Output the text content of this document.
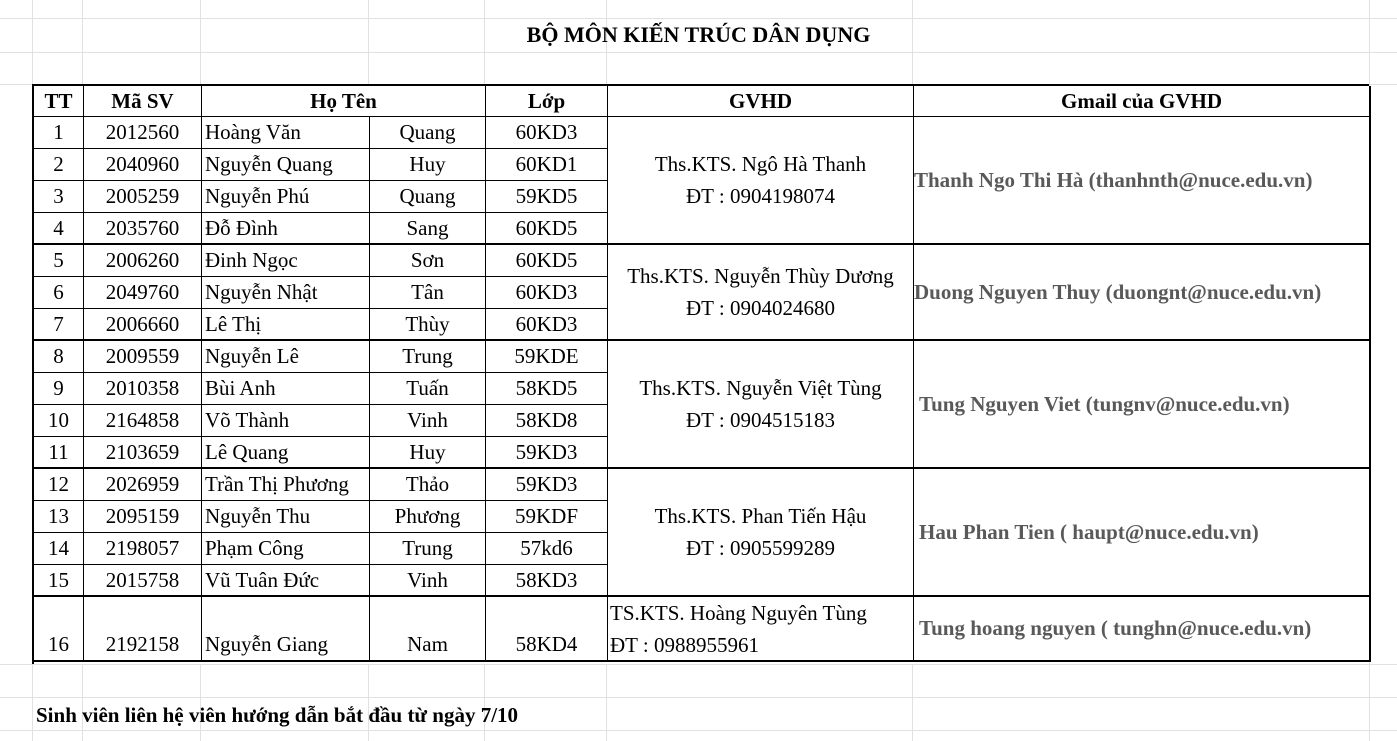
BỘ MÔN KIẾN TRÚC DÂN DỤNG
TT	Mã SV	Họ Tên	Lớp	GVHD	Gmail của GVHD
1	2012560	Hoàng Văn	Quang	60KD3
2	2040960	Nguyễn Quang	Huy	60KD1
3	2005259	Nguyễn Phú	Quang	59KD5
4	2035760	Đỗ Đình	Sang	60KD5
Ths.KTS. Ngô Hà Thanh
ĐT : 0904198074
Thanh Ngo Thi Hà (thanhnth@nuce.edu.vn)
5	2006260	Đinh Ngọc	Sơn	60KD5
6	2049760	Nguyễn Nhật	Tân	60KD3
7	2006660	Lê Thị	Thùy	60KD3
Ths.KTS. Nguyễn Thùy Dương
ĐT : 0904024680
Duong Nguyen Thuy (duongnt@nuce.edu.vn)
8	2009559	Nguyễn Lê	Trung	59KDE
9	2010358	Bùi Anh	Tuấn	58KD5
10	2164858	Võ Thành	Vinh	58KD8
11	2103659	Lê Quang	Huy	59KD3
Ths.KTS. Nguyễn Việt Tùng
ĐT : 0904515183
Tung Nguyen Viet (tungnv@nuce.edu.vn)
12	2026959	Trần Thị Phương	Thảo	59KD3
13	2095159	Nguyễn Thu	Phương	59KDF
14	2198057	Phạm Công	Trung	57kd6
15	2015758	Vũ Tuân Đức	Vinh	58KD3
Ths.KTS. Phan Tiến Hậu
ĐT : 0905599289
Hau Phan Tien ( haupt@nuce.edu.vn)
16	2192158	Nguyễn Giang	Nam	58KD4
TS.KTS. Hoàng Nguyên Tùng
ĐT : 0988955961
Tung hoang nguyen ( tunghn@nuce.edu.vn)
Sinh viên liên hệ viên hướng dẫn bắt đầu từ ngày 7/10
